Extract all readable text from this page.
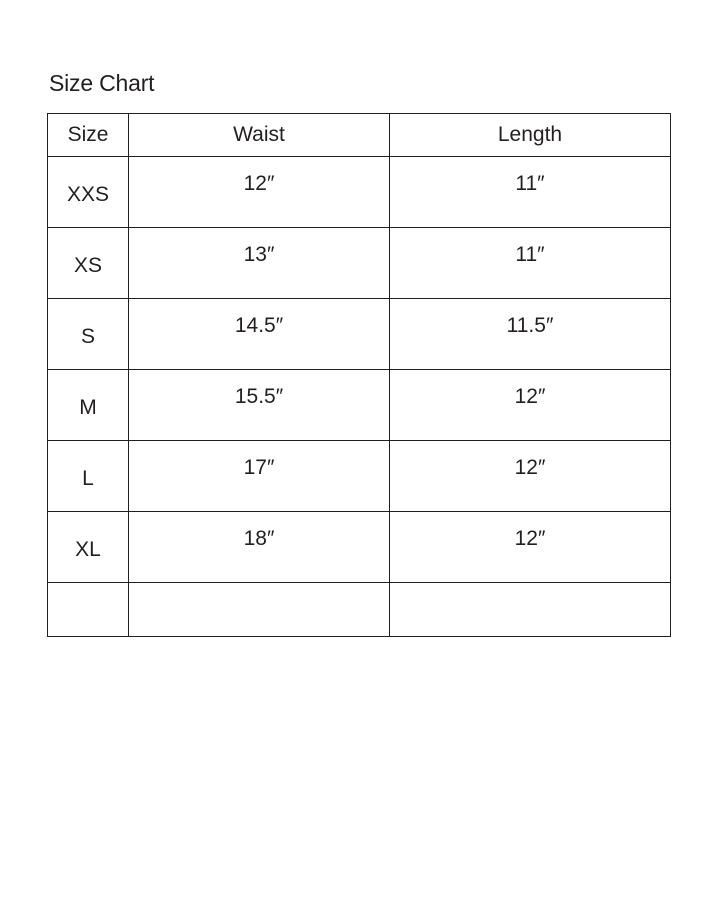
Size Chart
Size	Waist	Length
XXS	12″	11″
XS	13″	11″
S	14.5″	11.5″
M	15.5″	12″
L	17″	12″
XL	18″	12″
